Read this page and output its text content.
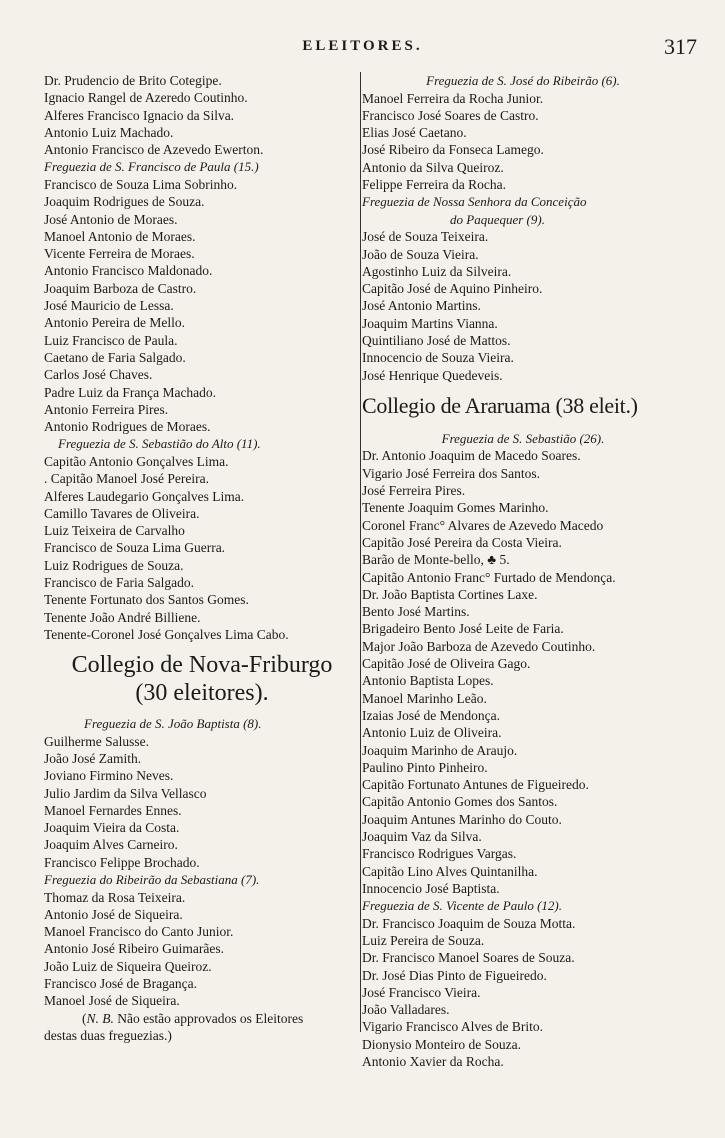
ELEITORES.	317
Dr. Prudencio de Brito Cotegipe.
Ignacio Rangel de Azeredo Coutinho.
Alferes Francisco Ignacio da Silva.
Antonio Luiz Machado.
Antonio Francisco de Azevedo Ewerton.
Freguezia de S. Francisco de Paula (15.)
Francisco de Souza Lima Sobrinho.
Joaquim Rodrigues de Souza.
José Antonio de Moraes.
Manoel Antonio de Moraes.
Vicente Ferreira de Moraes.
Antonio Francisco Maldonado.
Joaquim Barboza de Castro.
José Mauricio de Lessa.
Antonio Pereira de Mello.
Luiz Francisco de Paula.
Caetano de Faria Salgado.
Carlos José Chaves.
Padre Luiz da França Machado.
Antonio Ferreira Pires.
Antonio Rodrigues de Moraes.
Freguezia de S. Sebastião do Alto (11).
Capitão Antonio Gonçalves Lima.
. Capitão Manoel José Pereira.
Alferes Laudegario Gonçalves Lima.
Camillo Tavares de Oliveira.
Luiz Teixeira de Carvalho
Francisco de Souza Lima Guerra.
Luiz Rodrigues de Souza.
Francisco de Faria Salgado.
Tenente Fortunato dos Santos Gomes.
Tenente João André Billiene.
Tenente-Coronel José Gonçalves Lima Cabo.
Collegio de Nova-Friburgo
(30 eleitores).
Freguezia de S. João Baptista (8).
Guilherme Salusse.
João José Zamith.
Joviano Firmino Neves.
Julio Jardim da Silva Vellasco
Manoel Fernardes Ennes.
Joaquim Vieira da Costa.
Joaquim Alves Carneiro.
Francisco Felippe Brochado.
Freguezia do Ribeirão da Sebastiana (7).
Thomaz da Rosa Teixeira.
Antonio José de Siqueira.
Manoel Francisco do Canto Junior.
Antonio José Ribeiro Guimarães.
João Luiz de Siqueira Queiroz.
Francisco José de Bragança.
Manoel José de Siqueira.
(N. B. Não estão approvados os Eleitores
destas duas freguezias.)
Freguezia de S. José do Ribeirão (6).
Manoel Ferreira da Rocha Junior.
Francisco José Soares de Castro.
Elias José Caetano.
José Ribeiro da Fonseca Lamego.
Antonio da Silva Queiroz.
Felippe Ferreira da Rocha.
Freguezia de Nossa Senhora da Conceição
do Paquequer (9).
José de Souza Teixeira.
João de Souza Vieira.
Agostinho Luiz da Silveira.
Capitão José de Aquino Pinheiro.
José Antonio Martins.
Joaquim Martins Vianna.
Quintiliano José de Mattos.
Innocencio de Souza Vieira.
José Henrique Quedeveis.
Collegio de Araruama (38 eleit.)
Freguezia de S. Sebastião (26).
Dr. Antonio Joaquim de Macedo Soares.
Vigario José Ferreira dos Santos.
José Ferreira Pires.
Tenente Joaquim Gomes Marinho.
Coronel Franc° Alvares de Azevedo Macedo
Capitão José Pereira da Costa Vieira.
Barão de Monte-bello, ♣ 5.
Capitão Antonio Franc° Furtado de Mendonça.
Dr. João Baptista Cortines Laxe.
Bento José Martins.
Brigadeiro Bento José Leite de Faria.
Major João Barboza de Azevedo Coutinho.
Capitão José de Oliveira Gago.
Antonio Baptista Lopes.
Manoel Marinho Leão.
Izaias José de Mendonça.
Antonio Luiz de Oliveira.
Joaquim Marinho de Araujo.
Paulino Pinto Pinheiro.
Capitão Fortunato Antunes de Figueiredo.
Capitão Antonio Gomes dos Santos.
Joaquim Antunes Marinho do Couto.
Joaquim Vaz da Silva.
Francisco Rodrigues Vargas.
Capitão Lino Alves Quintanilha.
Innocencio José Baptista.
Freguezia de S. Vicente de Paulo (12).
Dr. Francisco Joaquim de Souza Motta.
Luiz Pereira de Souza.
Dr. Francisco Manoel Soares de Souza.
Dr. José Dias Pinto de Figueiredo.
José Francisco Vieira.
João Valladares.
Vigario Francisco Alves de Brito.
Dionysio Monteiro de Souza.
Antonio Xavier da Rocha.
